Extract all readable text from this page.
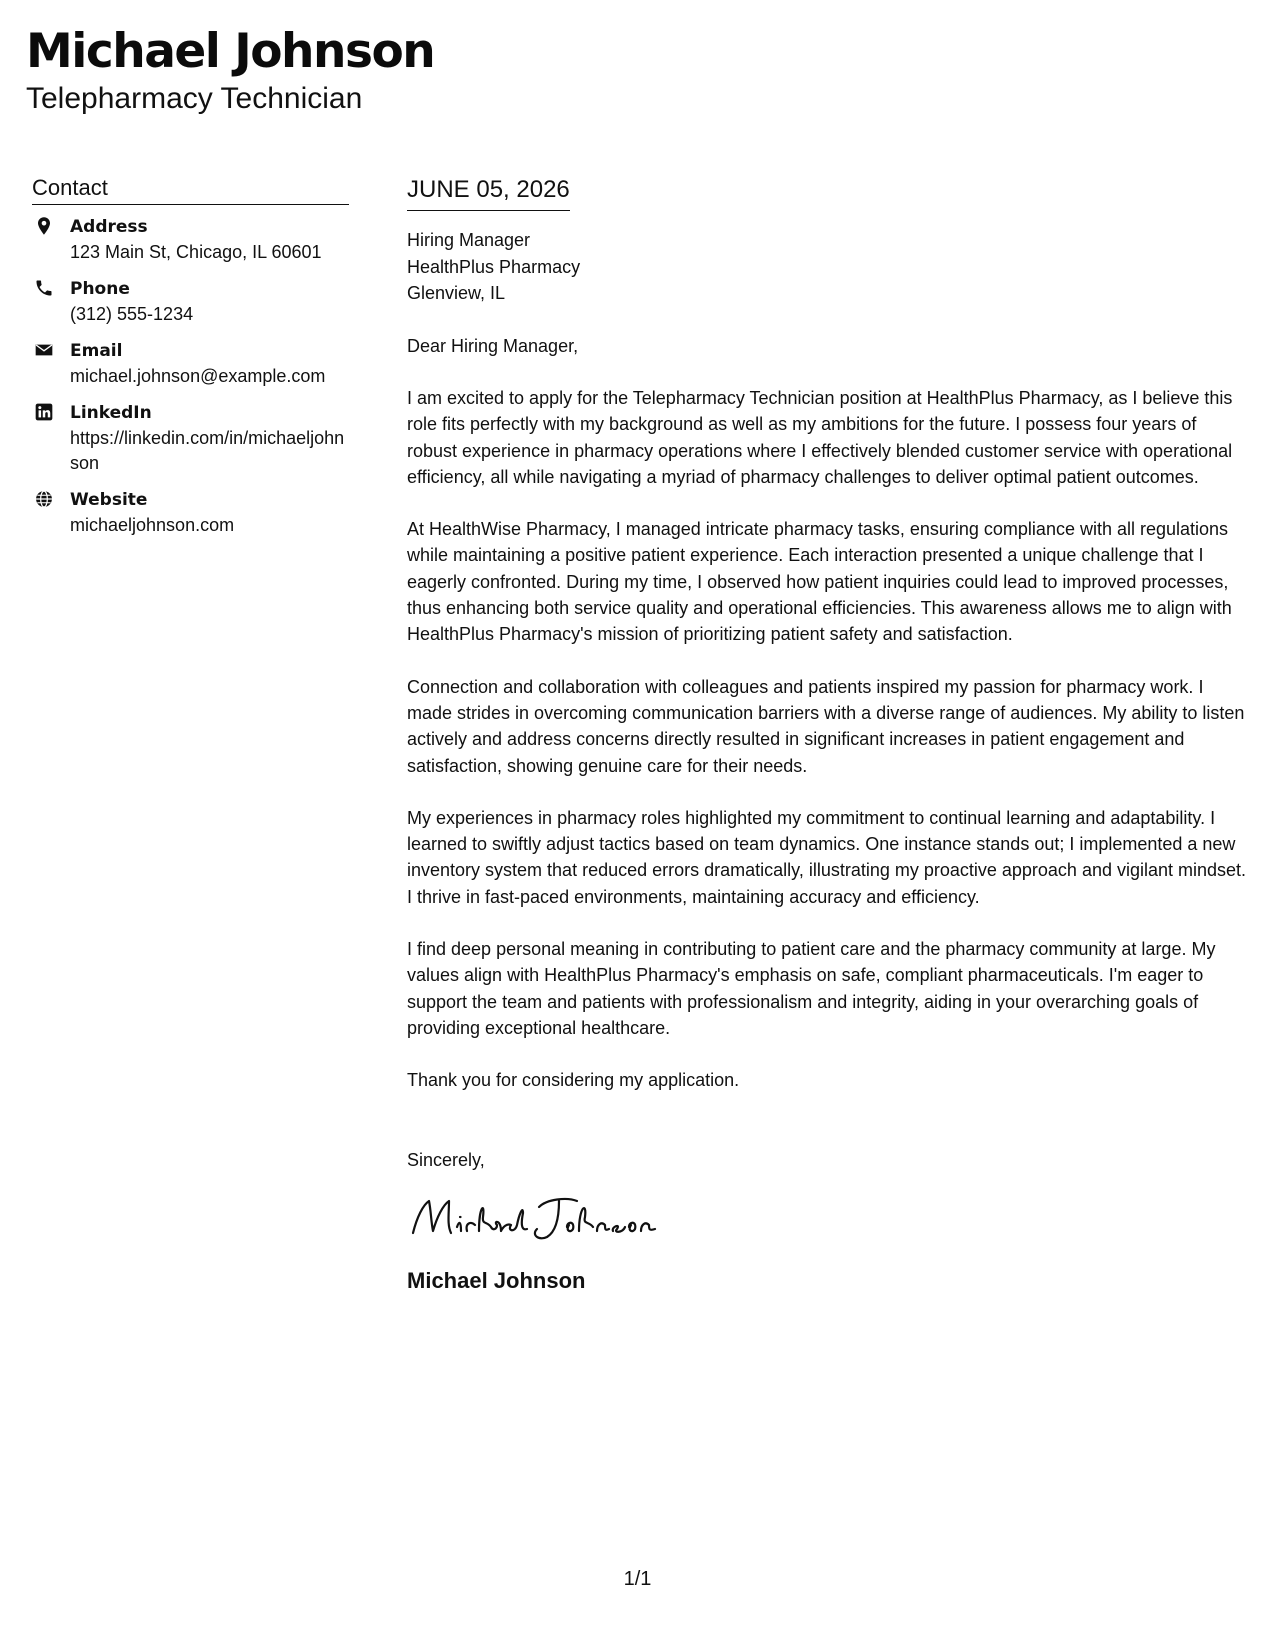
Michael Johnson
Telepharmacy Technician
Contact
Address
123 Main St, Chicago, IL 60601
Phone
(312) 555-1234
Email
michael.johnson@example.com
LinkedIn
https://linkedin.com/in/michaeljohnson
Website
michaeljohnson.com
JUNE 05, 2026
Hiring Manager
HealthPlus Pharmacy
Glenview, IL
Dear Hiring Manager,

I am excited to apply for the Telepharmacy Technician position at HealthPlus Pharmacy, as I believe this role fits perfectly with my background as well as my ambitions for the future. I possess four years of robust experience in pharmacy operations where I effectively blended customer service with operational efficiency, all while navigating a myriad of pharmacy challenges to deliver optimal patient outcomes.

At HealthWise Pharmacy, I managed intricate pharmacy tasks, ensuring compliance with all regulations while maintaining a positive patient experience. Each interaction presented a unique challenge that I eagerly confronted. During my time, I observed how patient inquiries could lead to improved processes, thus enhancing both service quality and operational efficiencies. This awareness allows me to align with HealthPlus Pharmacy's mission of prioritizing patient safety and satisfaction.

Connection and collaboration with colleagues and patients inspired my passion for pharmacy work. I made strides in overcoming communication barriers with a diverse range of audiences. My ability to listen actively and address concerns directly resulted in significant increases in patient engagement and satisfaction, showing genuine care for their needs.

My experiences in pharmacy roles highlighted my commitment to continual learning and adaptability. I learned to swiftly adjust tactics based on team dynamics. One instance stands out; I implemented a new inventory system that reduced errors dramatically, illustrating my proactive approach and vigilant mindset. I thrive in fast-paced environments, maintaining accuracy and efficiency.

I find deep personal meaning in contributing to patient care and the pharmacy community at large. My values align with HealthPlus Pharmacy's emphasis on safe, compliant pharmaceuticals. I'm eager to support the team and patients with professionalism and integrity, aiding in your overarching goals of providing exceptional healthcare.

Thank you for considering my application.
Sincerely,
Michael Johnson
1/1
